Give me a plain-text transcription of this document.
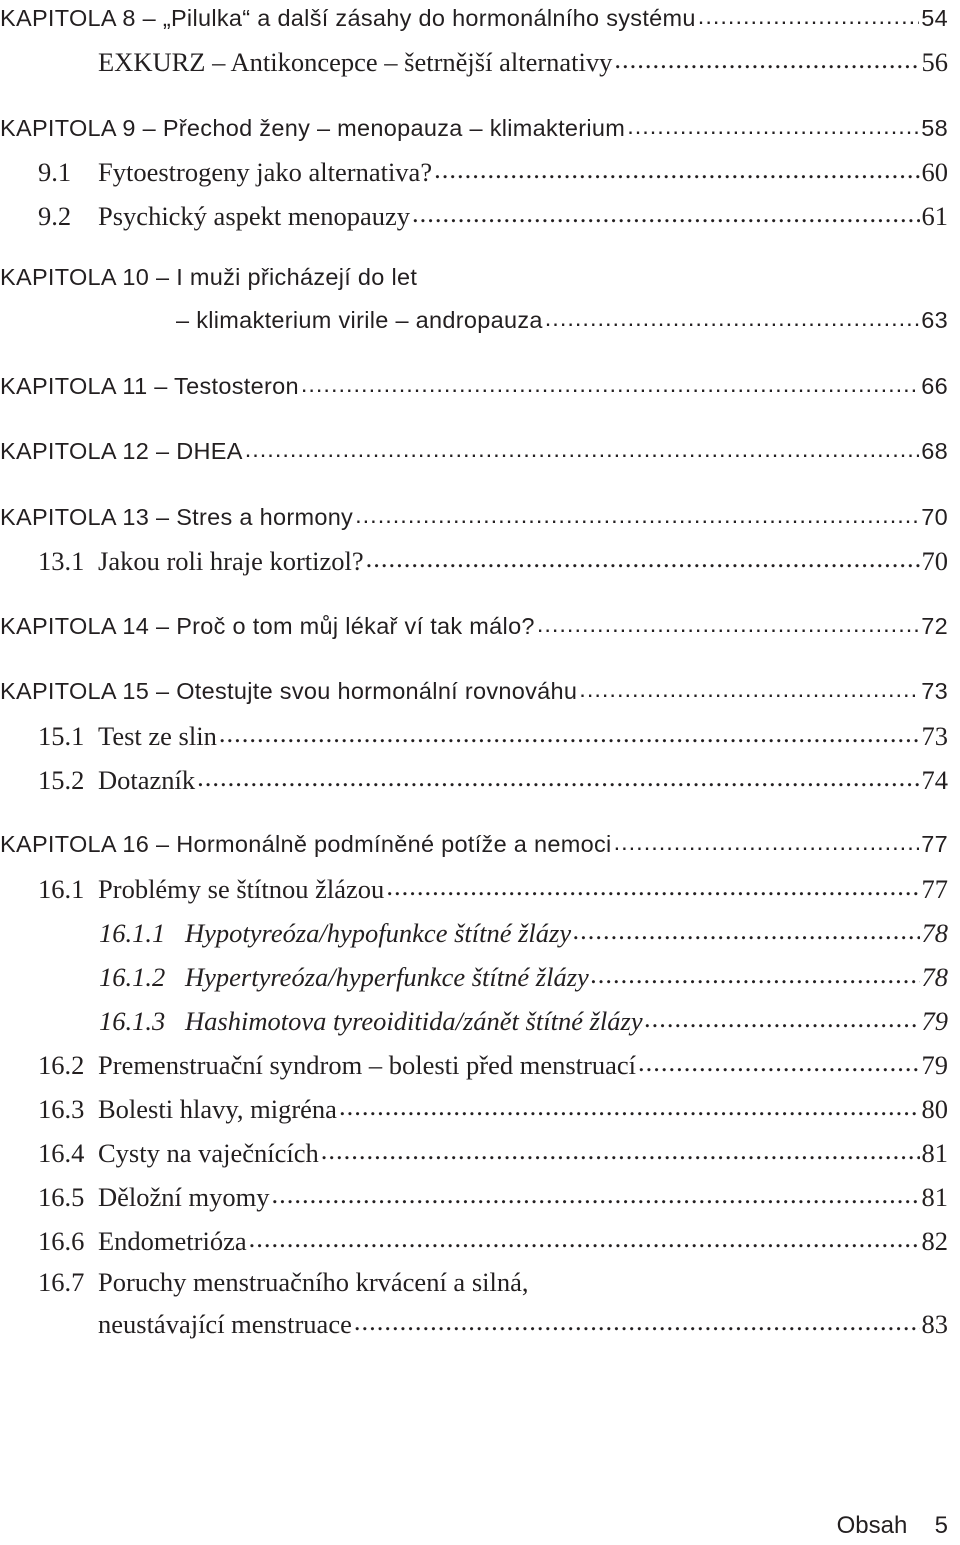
KAPITOLA 8 – „Pilulka“ a další zásahy do hormonálního systému .....	54
EXKURZ – Antikoncepce – šetrnější alternativy .....	56
KAPITOLA 9 – Přechod ženy – menopauza – klimakterium .....	58
9.1	Fytoestrogeny jako alternativa? .....	60
9.2	Psychický aspekt menopauzy .....	61
KAPITOLA 10 – I muži přicházejí do let
– klimakterium virile – andropauza .....	63
KAPITOLA 11 – Testosteron .....	66
KAPITOLA 12 – DHEA .....	68
KAPITOLA 13 – Stres a hormony .....	70
13.1 Jakou roli hraje kortizol? .....	70
KAPITOLA 14 – Proč o tom můj lékař ví tak málo? .....	72
KAPITOLA 15 – Otestujte svou hormonální rovnováhu .....	73
15.1 Test ze slin .....	73
15.2 Dotazník .....	74
KAPITOLA 16 – Hormonálně podmíněné potíže a nemoci .....	77
16.1 Problémy se štítnou žlázou .....	77
16.1.1 Hypotyreóza/hypofunkce štítné žlázy .....	78
16.1.2 Hypertyreóza/hyperfunkce štítné žlázy .....	78
16.1.3 Hashimotova tyreoiditida/zánět štítné žlázy .....	79
16.2 Premenstruační syndrom – bolesti před menstruací .....	79
16.3 Bolesti hlavy, migréna .....	80
16.4 Cysty na vaječnících .....	81
16.5 Děložní myomy .....	81
16.6 Endometrióza .....	82
16.7 Poruchy menstruačního krvácení a silná,
neustávající menstruace .....	83
Obsah 5
